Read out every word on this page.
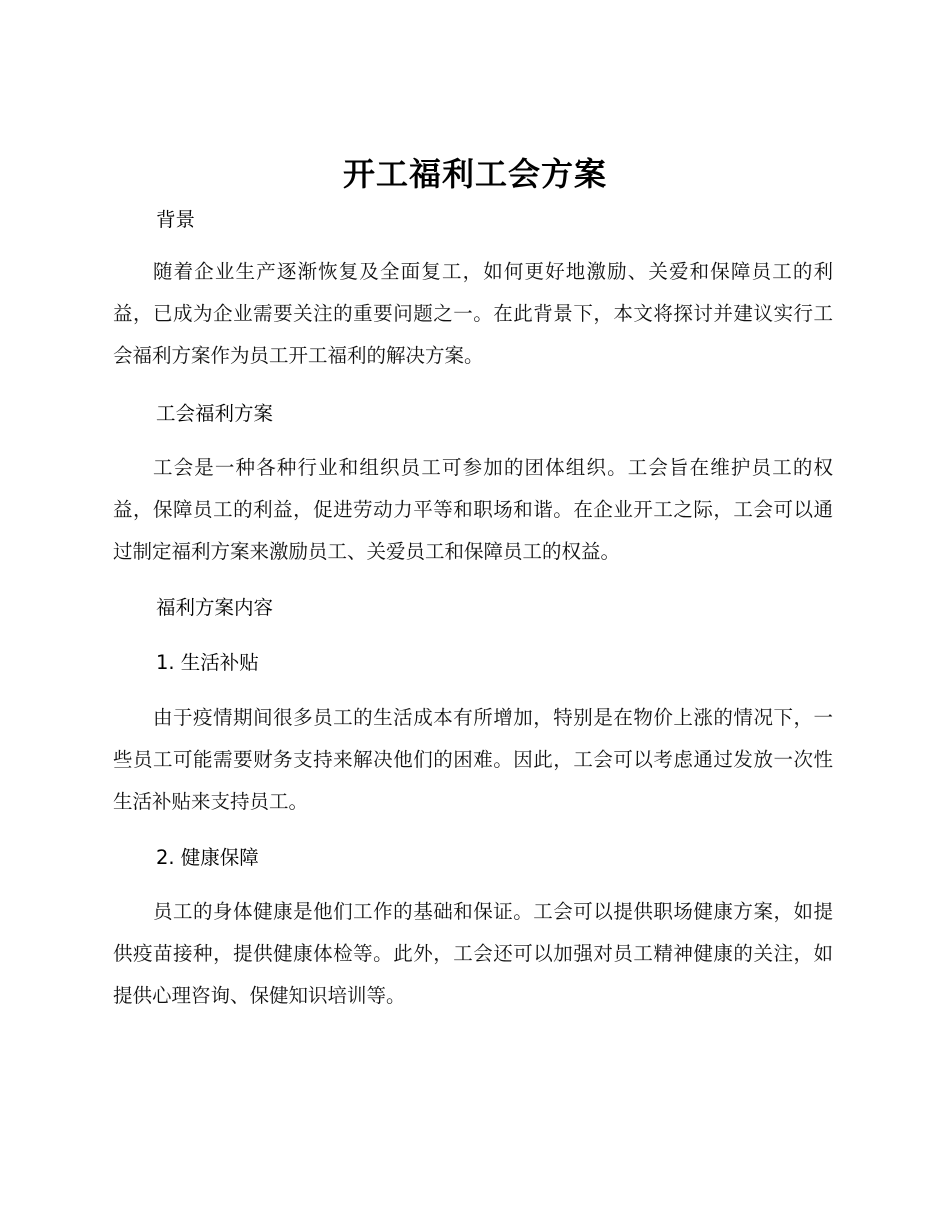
开工福利工会方案
背景

随着企业生产逐渐恢复及全面复工，如何更好地激励、关爱和保障员工的利益，已成为企业需要关注的重要问题之一。在此背景下，本文将探讨并建议实行工会福利方案作为员工开工福利的解决方案。

工会福利方案

工会是一种各种行业和组织员工可参加的团体组织。工会旨在维护员工的权益，保障员工的利益，促进劳动力平等和职场和谐。在企业开工之际，工会可以通过制定福利方案来激励员工、关爱员工和保障员工的权益。

福利方案内容
1. 生活补贴

由于疫情期间很多员工的生活成本有所增加，特别是在物价上涨的情况下，一些员工可能需要财务支持来解决他们的困难。因此，工会可以考虑通过发放一次性生活补贴来支持员工。

2. 健康保障

员工的身体健康是他们工作的基础和保证。工会可以提供职场健康方案，如提供疫苗接种，提供健康体检等。此外，工会还可以加强对员工精神健康的关注，如提供心理咨询、保健知识培训等。
